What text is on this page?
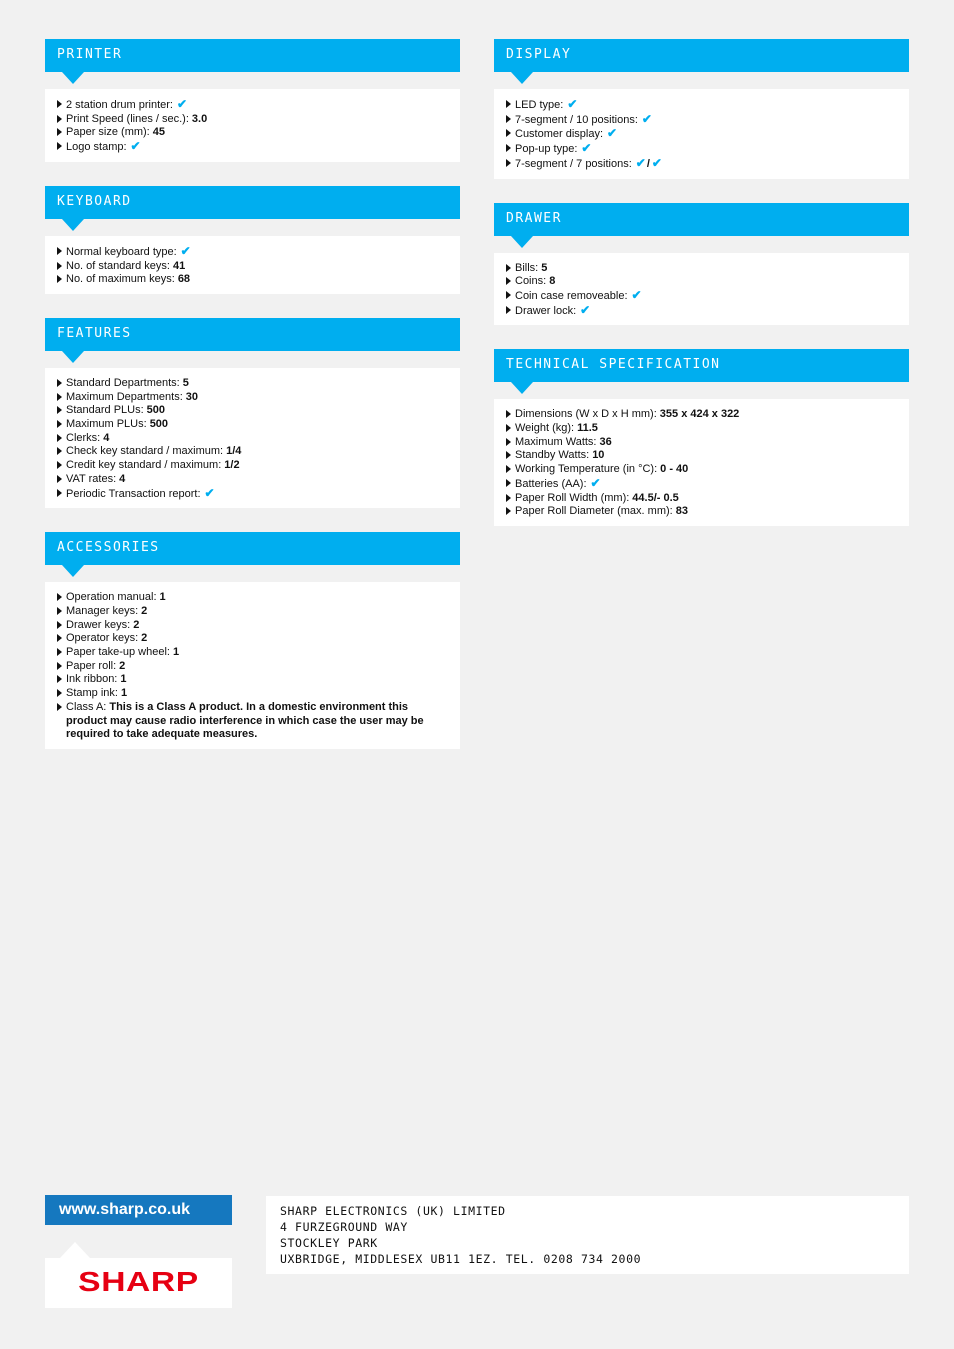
PRINTER
2 station drum printer: ✔
Print Speed (lines / sec.): 3.0
Paper size (mm): 45
Logo stamp: ✔
KEYBOARD
Normal keyboard type: ✔
No. of standard keys: 41
No. of maximum keys: 68
FEATURES
Standard Departments: 5
Maximum Departments: 30
Standard PLUs: 500
Maximum PLUs: 500
Clerks: 4
Check key standard / maximum: 1/4
Credit key standard / maximum: 1/2
VAT rates: 4
Periodic Transaction report: ✔
ACCESSORIES
Operation manual: 1
Manager keys: 2
Drawer keys: 2
Operator keys: 2
Paper take-up wheel: 1
Paper roll: 2
Ink ribbon: 1
Stamp ink: 1
Class A: This is a Class A product. In a domestic environment this product may cause radio interference in which case the user may be required to take adequate measures.
DISPLAY
LED type: ✔
7-segment / 10 positions: ✔
Customer display: ✔
Pop-up type: ✔
7-segment / 7 positions: ✔/ ✔
DRAWER
Bills: 5
Coins: 8
Coin case removeable: ✔
Drawer lock: ✔
TECHNICAL SPECIFICATION
Dimensions (W x D x H mm): 355 x 424 x 322
Weight (kg): 11.5
Maximum Watts: 36
Standby Watts: 10
Working Temperature (in °C): 0 - 40
Batteries (AA): ✔
Paper Roll Width (mm): 44.5/- 0.5
Paper Roll Diameter (max. mm): 83
www.sharp.co.uk
SHARP
SHARP ELECTRONICS (UK) LIMITED
4 FURZEGROUND WAY
STOCKLEY PARK
UXBRIDGE, MIDDLESEX UB11 1EZ. TEL. 0208 734 2000
